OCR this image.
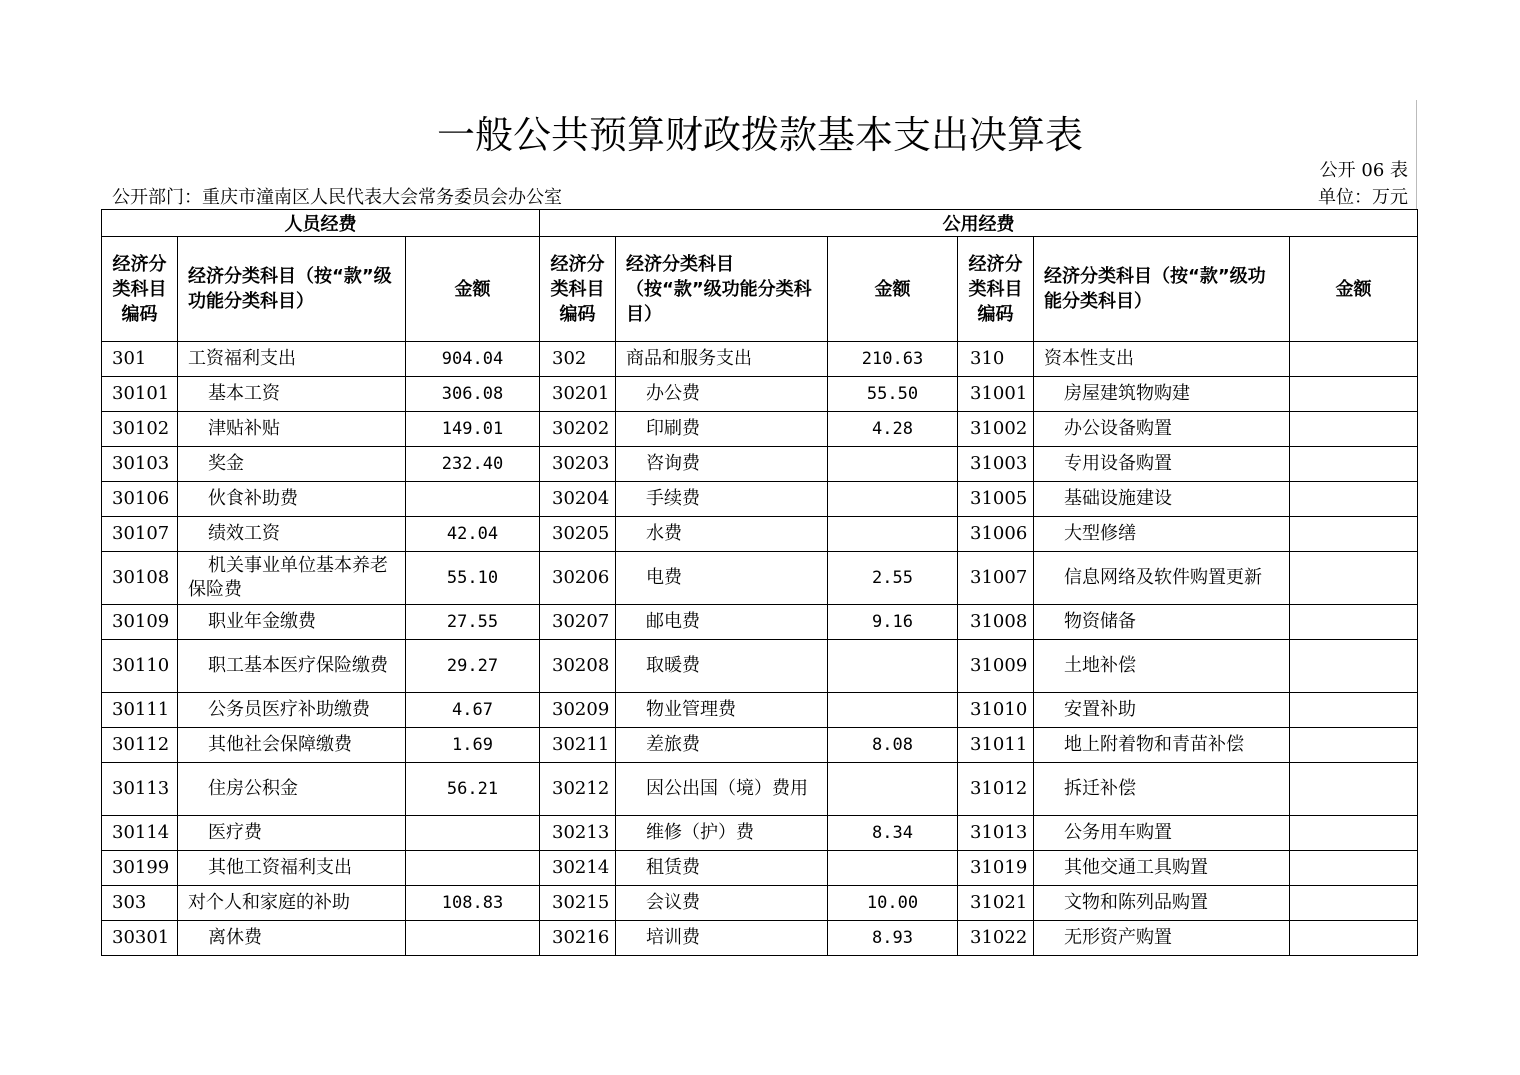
一般公共预算财政拨款基本支出决算表
公开 06 表
公开部门：重庆市潼南区人民代表大会常务委员会办公室	单位：万元
人员经费			公用经费					
经济分类科目编码	经济分类科目（按“款”级功能分类科目）	金额	经济分类科目编码	经济分类科目（按“款”级功能分类科目）	金额	经济分类科目编码	经济分类科目（按“款”级功能分类科目）	金额
301	工资福利支出	904.04	302	商品和服务支出	210.63	310	资本性支出	
30101	基本工资	306.08	30201	办公费	55.50	31001	房屋建筑物购建	
30102	津贴补贴	149.01	30202	印刷费	4.28	31002	办公设备购置	
30103	奖金	232.40	30203	咨询费		31003	专用设备购置	
30106	伙食补助费		30204	手续费		31005	基础设施建设	
30107	绩效工资	42.04	30205	水费		31006	大型修缮	
30108	机关事业单位基本养老保险费	55.10	30206	电费	2.55	31007	信息网络及软件购置更新	
30109	职业年金缴费	27.55	30207	邮电费	9.16	31008	物资储备	
30110	职工基本医疗保险缴费	29.27	30208	取暖费		31009	土地补偿	
30111	公务员医疗补助缴费	4.67	30209	物业管理费		31010	安置补助	
30112	其他社会保障缴费	1.69	30211	差旅费	8.08	31011	地上附着物和青苗补偿	
30113	住房公积金	56.21	30212	因公出国（境）费用		31012	拆迁补偿	
30114	医疗费		30213	维修（护）费	8.34	31013	公务用车购置	
30199	其他工资福利支出		30214	租赁费		31019	其他交通工具购置	
303	对个人和家庭的补助	108.83	30215	会议费	10.00	31021	文物和陈列品购置	
30301	离休费		30216	培训费	8.93	31022	无形资产购置	
